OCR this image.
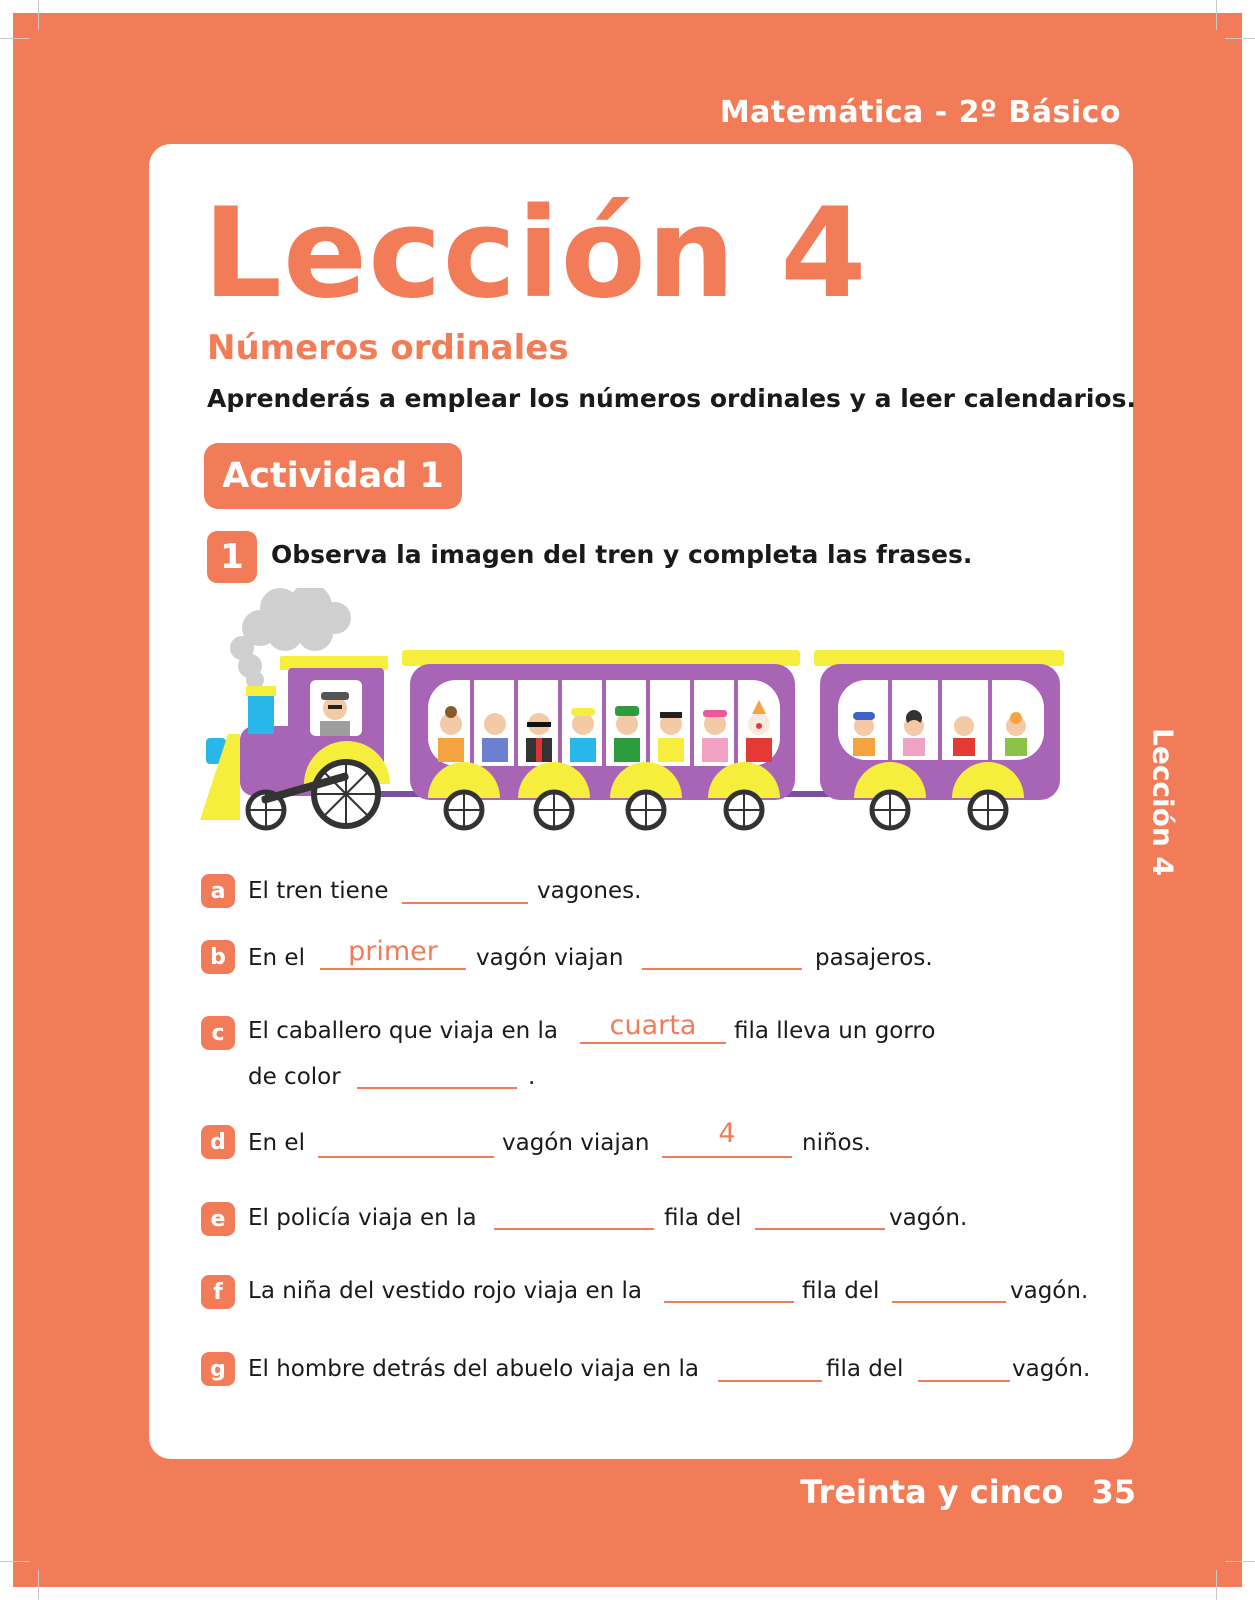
Matemática - 2º Básico
Lección 4
Lección 4
Números ordinales
Aprenderás a emplear los números ordinales y a leer calendarios.
Actividad 1
1	Observa la imagen del tren y completa las frases.
a El tren tiene	vagones.
b En el	primer	vagón viajan	pasajeros.
c	El caballero que viaja en la	cuarta	fila lleva un gorro
de color	.
d En el	vagón viajan	4	niños.
e El policía viaja en la	fila del	vagón.
f	La niña del vestido rojo viaja en la	fila del	vagón.
g El hombre detrás del abuelo viaja en la	fila del	vagón.
Treinta y cinco 35
